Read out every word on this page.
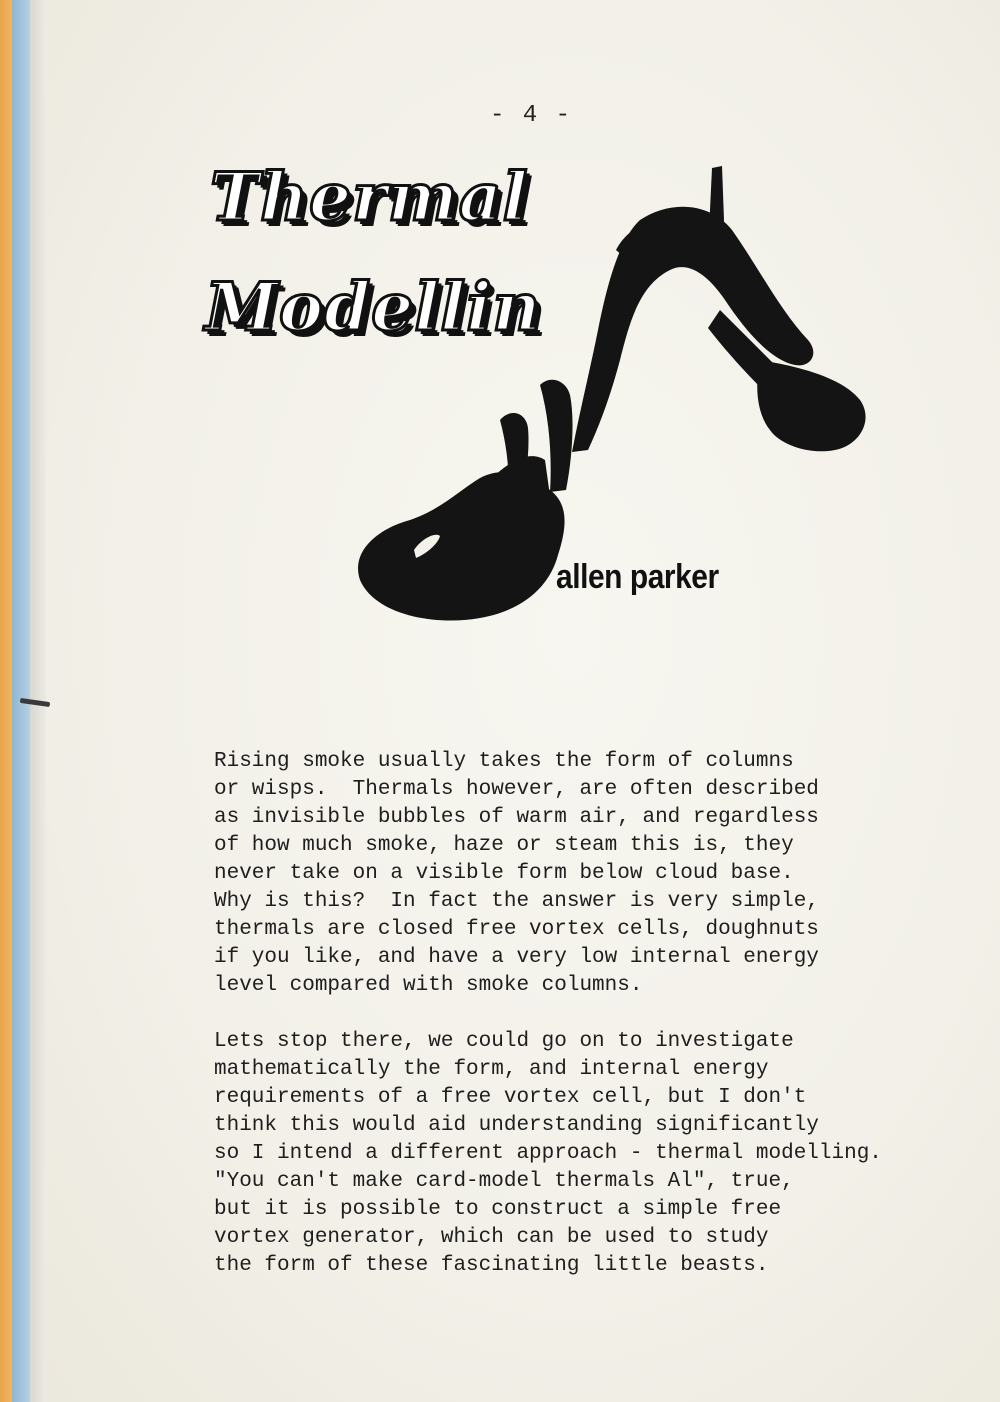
- 4 -
Thermal
Modellin
allen parker
Rising smoke usually takes the form of columns
or wisps.  Thermals however, are often described
as invisible bubbles of warm air, and regardless
of how much smoke, haze or steam this is, they
never take on a visible form below cloud base.
Why is this?  In fact the answer is very simple,
thermals are closed free vortex cells, doughnuts
if you like, and have a very low internal energy
level compared with smoke columns.
Lets stop there, we could go on to investigate
mathematically the form, and internal energy
requirements of a free vortex cell, but I don't
think this would aid understanding significantly
so I intend a different approach - thermal modelling.
"You can't make card-model thermals Al", true,
but it is possible to construct a simple free
vortex generator, which can be used to study
the form of these fascinating little beasts.
